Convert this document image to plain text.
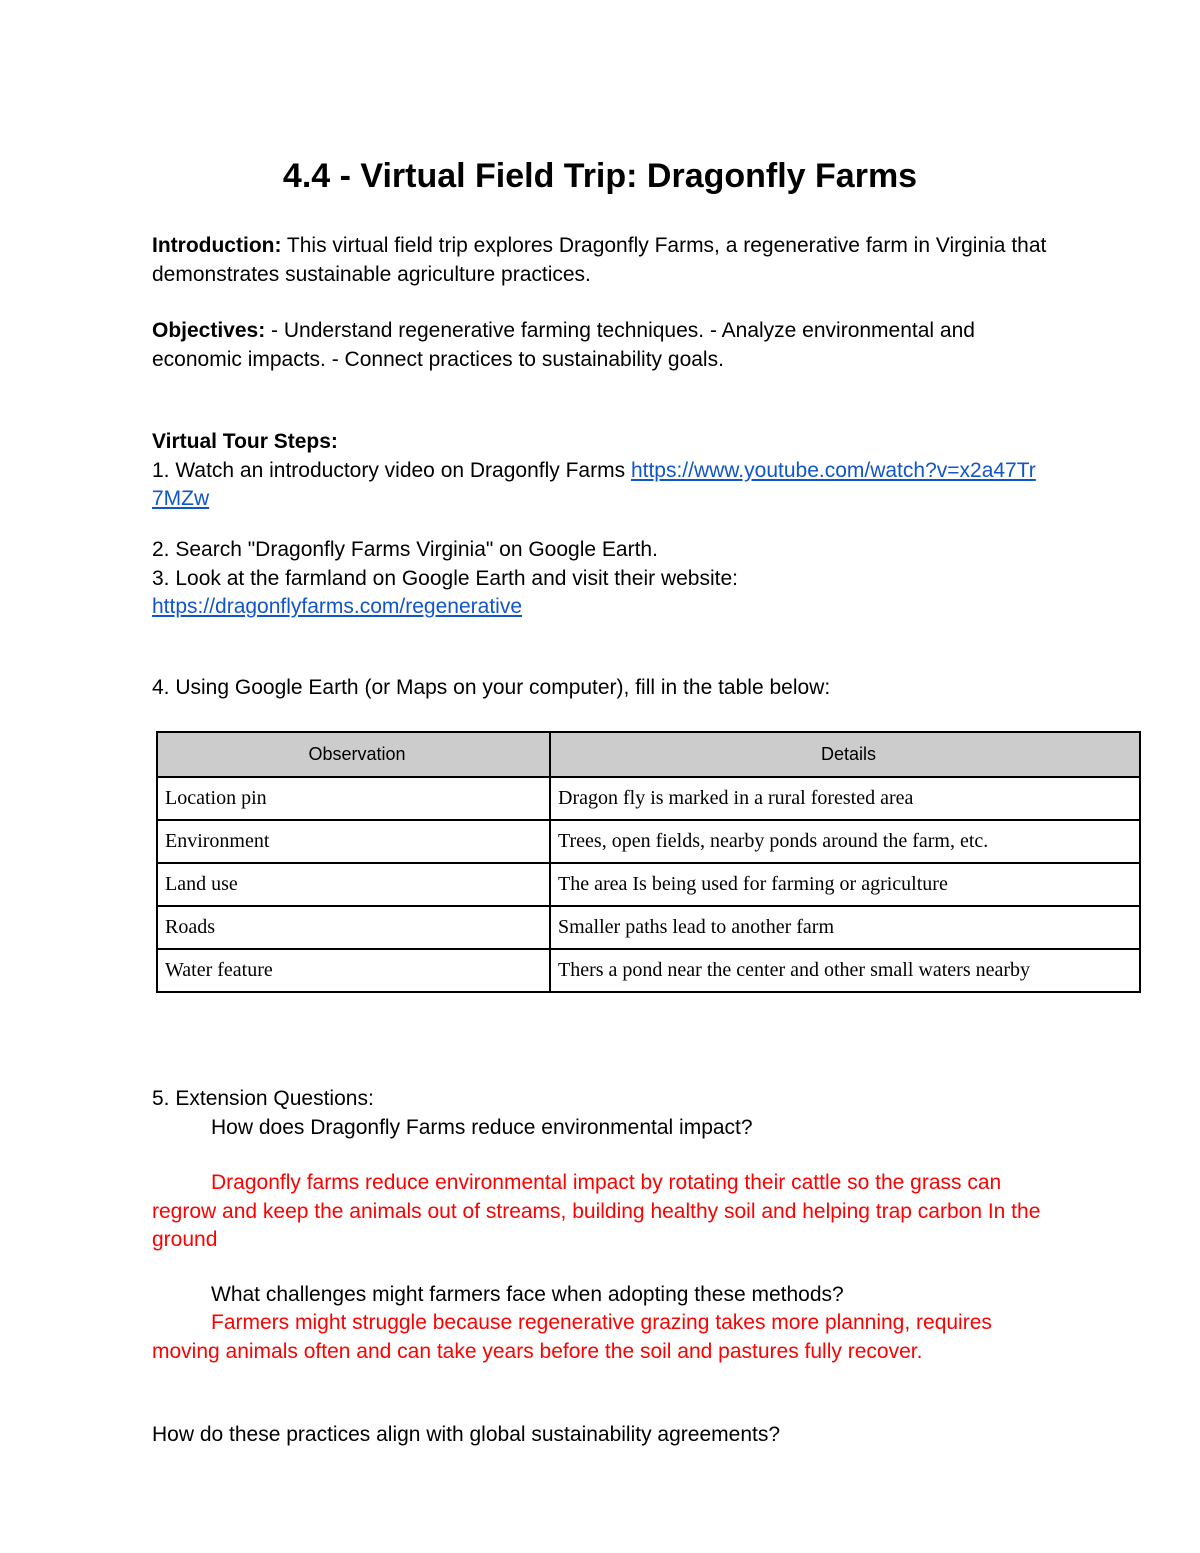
4.4 - Virtual Field Trip: Dragonfly Farms
Introduction: This virtual field trip explores Dragonfly Farms, a regenerative farm in Virginia that demonstrates sustainable agriculture practices.
Objectives: - Understand regenerative farming techniques. - Analyze environmental and economic impacts. - Connect practices to sustainability goals.
Virtual Tour Steps:
1. Watch an introductory video on Dragonfly Farms https://www.youtube.com/watch?v=x2a47Tr7MZw
2. Search "Dragonfly Farms Virginia" on Google Earth.
3. Look at the farmland on Google Earth and visit their website:
https://dragonflyfarms.com/regenerative
4. Using Google Earth (or Maps on your computer), fill in the table below:
Observation	Details
Location pin	Dragon fly is marked in a rural forested area
Environment	Trees, open fields, nearby ponds around the farm, etc.
Land use	The area Is being used for farming or agriculture
Roads	Smaller paths lead to another farm
Water feature	Thers a pond near the center and other small waters nearby
5. Extension Questions:
How does Dragonfly Farms reduce environmental impact?
Dragonfly farms reduce environmental impact by rotating their cattle so the grass can regrow and keep the animals out of streams, building healthy soil and helping trap carbon In the ground
What challenges might farmers face when adopting these methods?
Farmers might struggle because regenerative grazing takes more planning, requires moving animals often and can take years before the soil and pastures fully recover.
How do these practices align with global sustainability agreements?
